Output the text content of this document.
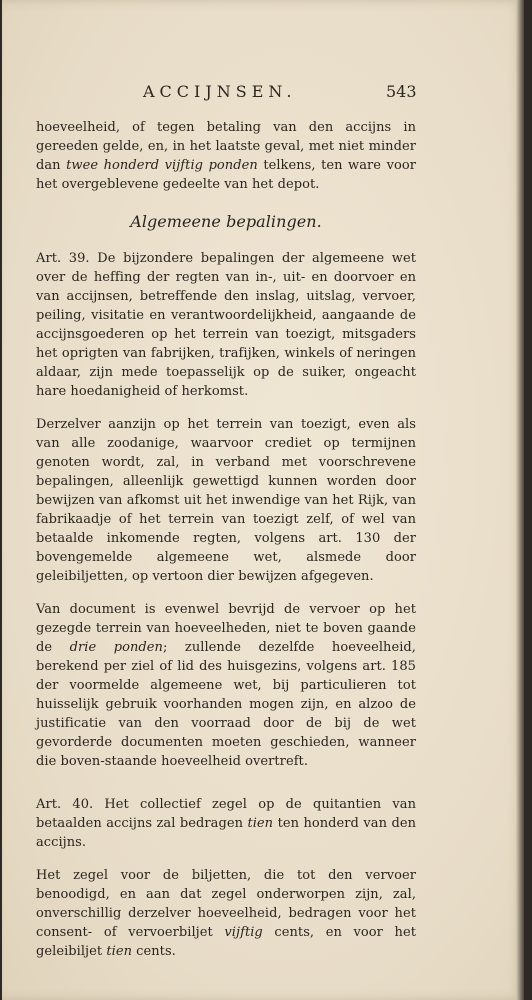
ACCIJNSEN.	543

hoeveelheid, of tegen betaling van den accijns in gereeden gelde, en, in het laatste geval, met niet minder dan twee honderd vijftig ponden telkens, ten ware voor het overgeblevene gedeelte van het depot.

Algemeene bepalingen.

Art. 39. De bijzondere bepalingen der algemeene wet over de heffing der regten van in-, uit- en doorvoer en van accijnsen, betreffende den inslag, uitslag, vervoer, peiling, visitatie en verantwoordelijkheid, aangaande de accijnsgoederen op het terrein van toezigt, mitsgaders het oprigten van fabrijken, trafijken, winkels of neringen aldaar, zijn mede toepasselijk op de suiker, ongeacht hare hoedanigheid of herkomst.

Derzelver aanzijn op het terrein van toezigt, even als van alle zoodanige, waarvoor crediet op termijnen genoten wordt, zal, in verband met voorschrevene bepalingen, alleenlijk gewettigd kunnen worden door bewijzen van afkomst uit het inwendige van het Rijk, van fabrikaadje of het terrein van toezigt zelf, of wel van betaalde inkomende regten, volgens art. 130 der bovengemelde algemeene wet, alsmede door geleibiljetten, op vertoon dier bewijzen afgegeven.

Van document is evenwel bevrijd de vervoer op het gezegde terrein van hoeveelheden, niet te boven gaande de drie ponden; zullende dezelfde hoeveelheid, berekend per ziel of lid des huisgezins, volgens art. 185 der voormelde algemeene wet, bij particulieren tot huisselijk gebruik voorhanden mogen zijn, en alzoo de justificatie van den voorraad door de bij de wet gevorderde documenten moeten geschieden, wanneer die boven-staande hoeveelheid overtreft.

Art. 40. Het collectief zegel op de quitantien van betaalden accijns zal bedragen tien ten honderd van den accijns.

Het zegel voor de biljetten, die tot den vervoer benoodigd, en aan dat zegel onderworpen zijn, zal, onverschillig derzelver hoeveelheid, bedragen voor het consent- of vervoerbiljet vijftig cents, en voor het geleibiljet tien cents.
